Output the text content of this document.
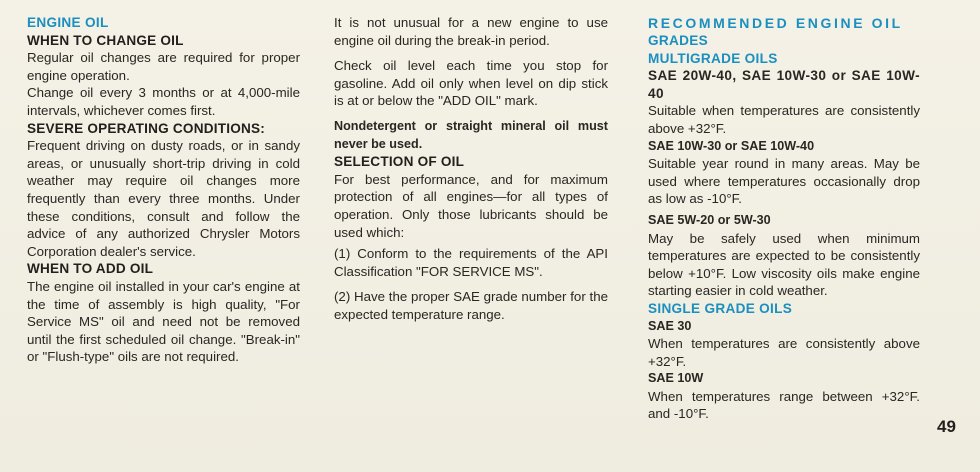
ENGINE OIL
WHEN TO CHANGE OIL

Regular oil changes are required for proper engine operation.

Change oil every 3 months or at 4,000-mile intervals, whichever comes first.

SEVERE OPERATING CONDITIONS:

Frequent driving on dusty roads, or in sandy areas, or unusually short-trip driving in cold weather may require oil changes more frequently than every three months. Under these conditions, consult and follow the advice of any authorized Chrysler Motors Corporation dealer's service.

WHEN TO ADD OIL

The engine oil installed in your car's engine at the time of assembly is high quality, "For Service MS" oil and need not be removed until the first scheduled oil change. "Break-in" or "Flush-type" oils are not required.

It is not unusual for a new engine to use engine oil during the break-in period.

Check oil level each time you stop for gasoline. Add oil only when level on dip stick is at or below the "ADD OIL" mark.

Nondetergent or straight mineral oil must never be used.

SELECTION OF OIL

For best performance, and for maximum protection of all engines—for all types of operation. Only those lubricants should be used which:

(1) Conform to the requirements of the API Classification "FOR SERVICE MS".

(2) Have the proper SAE grade number for the expected temperature range.

RECOMMENDED ENGINE OIL
GRADES
MULTIGRADE OILS

SAE 20W-40, SAE 10W-30 or SAE 10W-40

Suitable when temperatures are consistently above +32°F.

SAE 10W-30 or SAE 10W-40

Suitable year round in many areas. May be used where temperatures occasionally drop as low as -10°F.

SAE 5W-20 or 5W-30

May be safely used when minimum temperatures are expected to be consistently below +10°F. Low viscosity oils make engine starting easier in cold weather.

SINGLE GRADE OILS

SAE 30

When temperatures are consistently above +32°F.

SAE 10W

When temperatures range between +32°F. and -10°F.

49
